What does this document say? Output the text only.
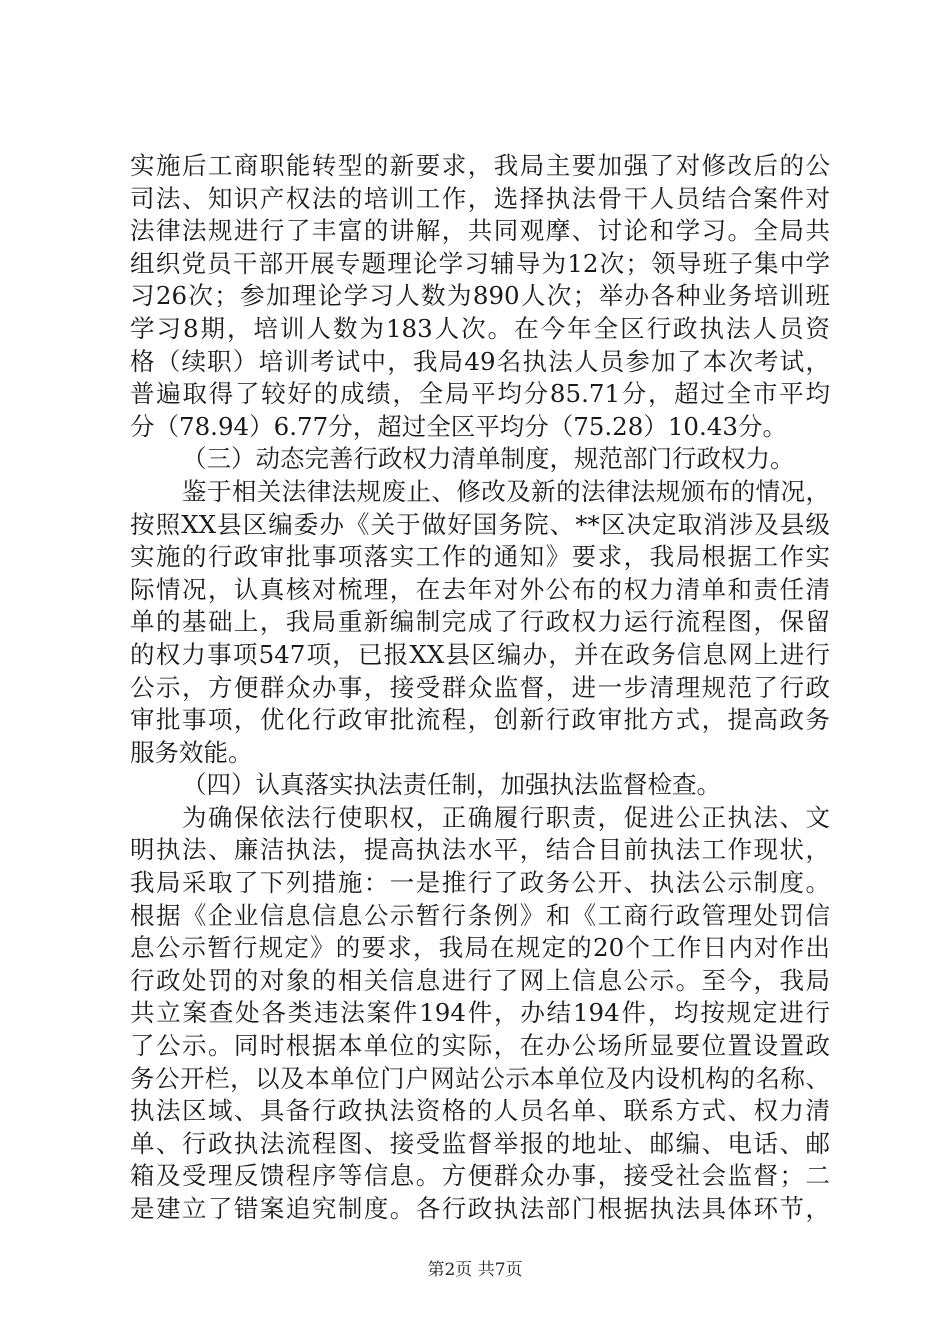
实施后工商职能转型的新要求，我局主要加强了对修改后的公
司法、知识产权法的培训工作，选择执法骨干人员结合案件对
法律法规进行了丰富的讲解，共同观摩、讨论和学习。全局共
组织党员干部开展专题理论学习辅导为12次；领导班子集中学
习26次；参加理论学习人数为890人次；举办各种业务培训班
学习8期，培训人数为183人次。在今年全区行政执法人员资
格（续职）培训考试中，我局49名执法人员参加了本次考试，
普遍取得了较好的成绩，全局平均分85.71分，超过全市平均
分（78.94）6.77分，超过全区平均分（75.28）10.43分。
（三）动态完善行政权力清单制度，规范部门行政权力。
鉴于相关法律法规废止、修改及新的法律法规颁布的情况，
按照XX县区编委办《关于做好国务院、**区决定取消涉及县级
实施的行政审批事项落实工作的通知》要求，我局根据工作实
际情况，认真核对梳理，在去年对外公布的权力清单和责任清
单的基础上，我局重新编制完成了行政权力运行流程图，保留
的权力事项547项，已报XX县区编办，并在政务信息网上进行
公示，方便群众办事，接受群众监督，进一步清理规范了行政
审批事项，优化行政审批流程，创新行政审批方式，提高政务
服务效能。
（四）认真落实执法责任制，加强执法监督检查。
为确保依法行使职权，正确履行职责，促进公正执法、文
明执法、廉洁执法，提高执法水平，结合目前执法工作现状，
我局采取了下列措施：一是推行了政务公开、执法公示制度。
根据《企业信息信息公示暂行条例》和《工商行政管理处罚信
息公示暂行规定》的要求，我局在规定的20个工作日内对作出
行政处罚的对象的相关信息进行了网上信息公示。至今，我局
共立案查处各类违法案件194件，办结194件，均按规定进行
了公示。同时根据本单位的实际，在办公场所显要位置设置政
务公开栏，以及本单位门户网站公示本单位及内设机构的名称、
执法区域、具备行政执法资格的人员名单、联系方式、权力清
单、行政执法流程图、接受监督举报的地址、邮编、电话、邮
箱及受理反馈程序等信息。方便群众办事，接受社会监督；二
是建立了错案追究制度。各行政执法部门根据执法具体环节，
第2页 共7页
